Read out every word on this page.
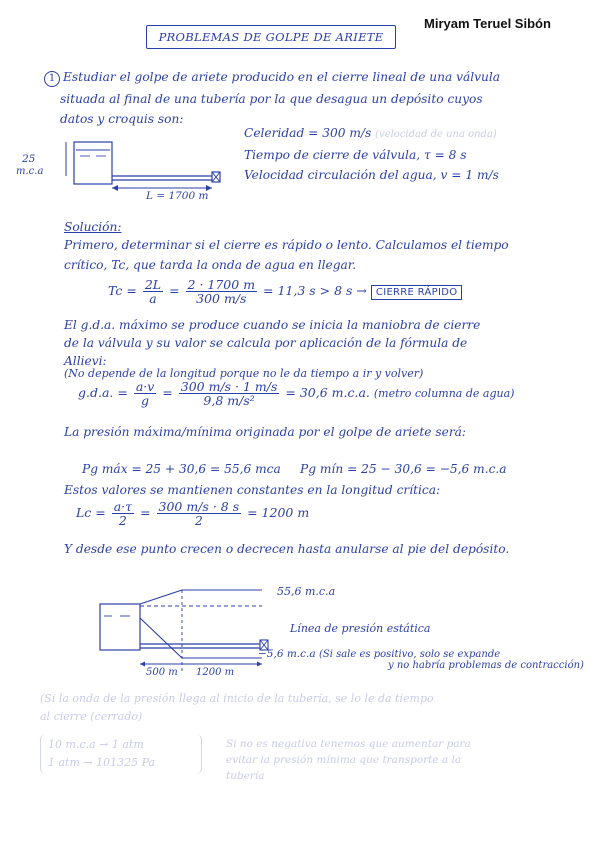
Miryam Teruel Sibón
PROBLEMAS DE GOLPE DE ARIETE
1 Estudiar el golpe de ariete producido en el cierre lineal de una válvula
situada al final de una tubería por la que desagua un depósito cuyos
datos y croquis son:
25
m.c.a
L = 1700 m
Celeridad = 300 m/s (velocidad de una onda)
Tiempo de cierre de válvula, τ = 8 s
Velocidad circulación del agua, v = 1 m/s
Solución:
Primero, determinar si el cierre es rápido o lento. Calculamos el tiempo
crítico, Tc, que tarda la onda de agua en llegar.
$Tc = \frac{2L}{a} = \frac{2 \cdot 1700 m}{300 m/s} = 11,3$ s > 8 s → CIERRE RÁPIDO
El g.d.a. máximo se produce cuando se inicia la maniobra de cierre
de la válvula y su valor se calcula por aplicación de la fórmula de
Allievi:
(No depende de la longitud porque no le da tiempo a ir y volver)
g.d.a. = $\frac{a\cdot v}{g} = \frac{300 m/s \cdot 1 m/s}{\text{9,8 m/s²}} = 30,6$ m.c.a. (metro columna de agua)
La presión máxima/mínima originada por el golpe de ariete será:
Pg máx = 25 + 30,6 = 55,6 mca Pg mín = 25 − 30,6 = −5,6 m.c.a
Estos valores se mantienen constantes en la longitud crítica:
$Lc = \frac{a\cdot\tau}{2} = \frac{300 m/s \cdot 8 s}{2} = 1200$ m
Y desde ese punto crecen o decrecen hasta anularse al pie del depósito.
55,6 m.c.a
Línea de presión estática
−5,6 m.c.a (Si sale es positivo, solo se expande
y no habría problemas de contracción)
500 m 1200 m
(Si la onda de la presión llega al inicio de la tubería, se lo le da tiempo
al cierre (cerrado)
10 m.c.a → 1 atm
1 atm → 101325 Pa
Si no es negativa tenemos que aumentar para
evitar la presión mínima que transporte a la
tubería
